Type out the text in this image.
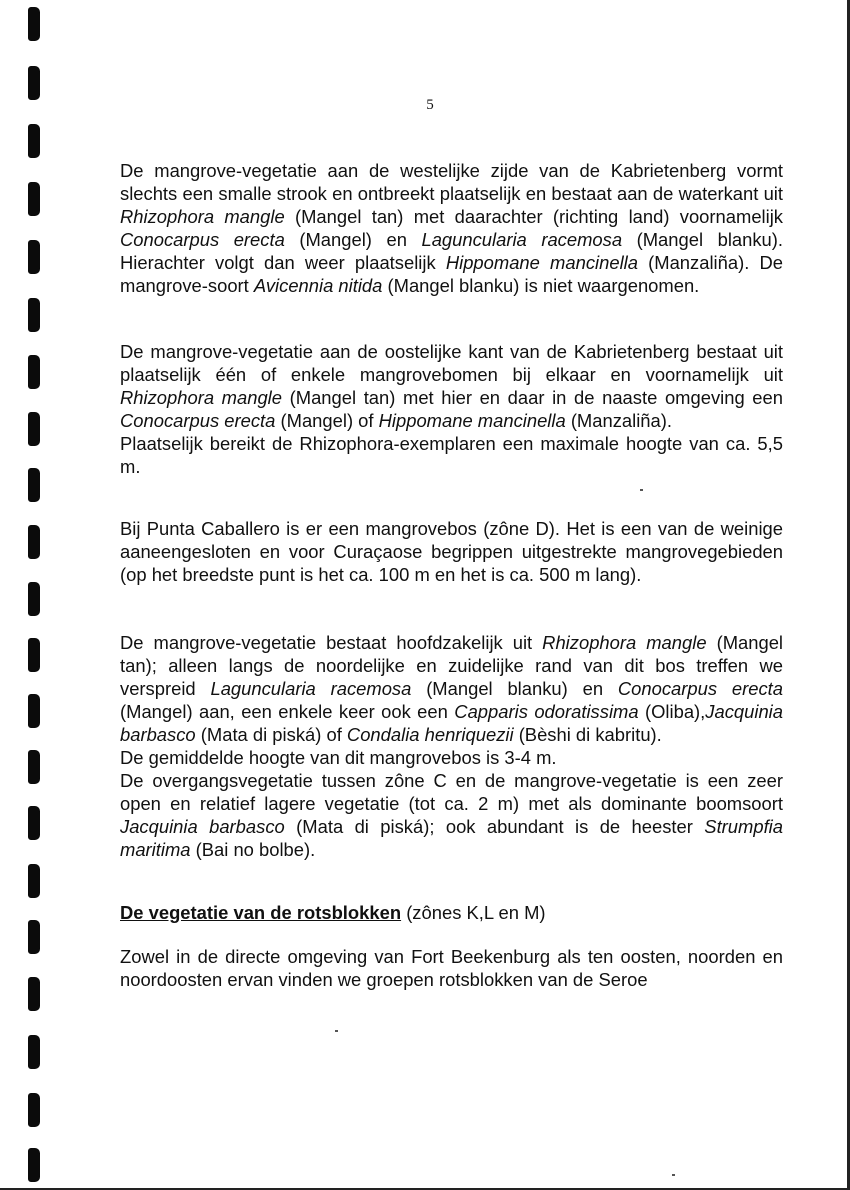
5

De mangrove-vegetatie aan de westelijke zijde van de Kabrietenberg vormt slechts een smalle strook en ontbreekt plaatselijk en bestaat aan de waterkant uit Rhizophora mangle (Mangel tan) met daarachter (richting land) voornamelijk Conocarpus erecta (Mangel) en Laguncularia racemosa (Mangel blanku). Hierachter volgt dan weer plaatselijk Hippomane mancinella (Manzaliña). De mangrove-soort Avicennia nitida (Mangel blanku) is niet waargenomen.

De mangrove-vegetatie aan de oostelijke kant van de Kabrietenberg bestaat uit plaatselijk één of enkele mangrovebomen bij elkaar en voornamelijk uit Rhizophora mangle (Mangel tan) met hier en daar in de naaste omgeving een Conocarpus erecta (Mangel) of Hippomane mancinella (Manzaliña).

Plaatselijk bereikt de Rhizophora-exemplaren een maximale hoogte van ca. 5,5 m.

Bij Punta Caballero is er een mangrovebos (zône D). Het is een van de weinige aaneengesloten en voor Curaçaose begrippen uitgestrekte mangrovegebieden (op het breedste punt is het ca. 100 m en het is ca. 500 m lang).

De mangrove-vegetatie bestaat hoofdzakelijk uit Rhizophora mangle (Mangel tan); alleen langs de noordelijke en zuidelijke rand van dit bos treffen we verspreid Laguncularia racemosa (Mangel blanku) en Conocarpus erecta (Mangel) aan, een enkele keer ook een Capparis odoratissima (Oliba),Jacquinia barbasco (Mata di piská) of Condalia henriquezii (Bèshi di kabritu).

De gemiddelde hoogte van dit mangrovebos is 3-4 m.

De overgangsvegetatie tussen zône C en de mangrove-vegetatie is een zeer open en relatief lagere vegetatie (tot ca. 2 m) met als dominante boomsoort Jacquinia barbasco (Mata di piská); ook abundant is de heester Strumpfia maritima (Bai no bolbe).

De vegetatie van de rotsblokken (zônes K,L en M)

Zowel in de directe omgeving van Fort Beekenburg als ten oosten, noorden en noordoosten ervan vinden we groepen rotsblokken van de Seroe
